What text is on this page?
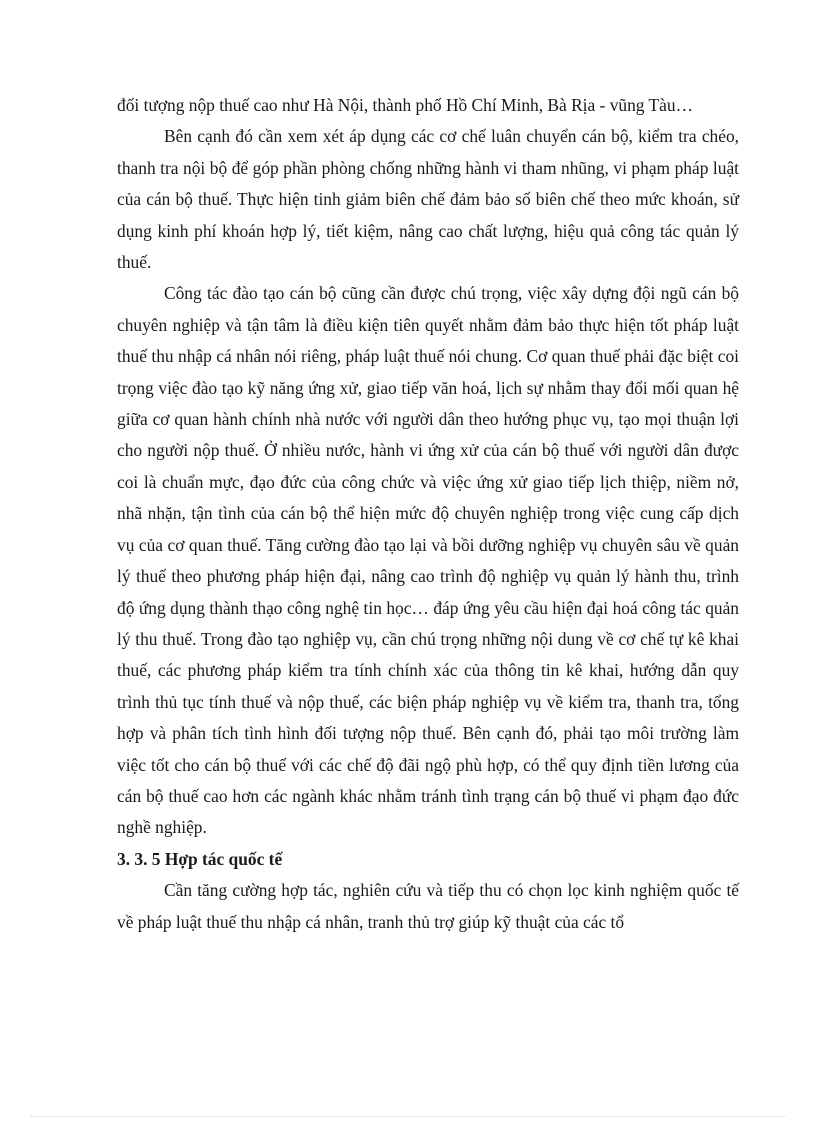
đối tượng nộp thuế cao như Hà Nội, thành phố Hồ Chí Minh, Bà Rịa - vũng Tàu…

Bên cạnh đó cần xem xét áp dụng các cơ chế luân chuyển cán bộ, kiểm tra chéo, thanh tra nội bộ để góp phần phòng chống những hành vi tham nhũng, vi phạm pháp luật của cán bộ thuế. Thực hiện tinh giảm biên chế đảm bảo số biên chế theo mức khoán, sử dụng kinh phí khoán hợp lý, tiết kiệm, nâng cao chất lượng, hiệu quả công tác quản lý thuế.

Công tác đào tạo cán bộ cũng cần được chú trọng, việc xây dựng đội ngũ cán bộ chuyên nghiệp và tận tâm là điều kiện tiên quyết nhằm đảm bảo thực hiện tốt pháp luật thuế thu nhập cá nhân nói riêng, pháp luật thuế nói chung. Cơ quan thuế phải đặc biệt coi trọng việc đào tạo kỹ năng ứng xử, giao tiếp văn hoá, lịch sự nhằm thay đổi mối quan hệ giữa cơ quan hành chính nhà nước với người dân theo hướng phục vụ, tạo mọi thuận lợi cho người nộp thuế. Ở nhiều nước, hành vi ứng xử của cán bộ thuế với người dân được coi là chuẩn mực, đạo đức của công chức và việc ứng xử giao tiếp lịch thiệp, niềm nở, nhã nhặn, tận tình của cán bộ thể hiện mức độ chuyên nghiệp trong việc cung cấp dịch vụ của cơ quan thuế. Tăng cường đào tạo lại và bồi dưỡng nghiệp vụ chuyên sâu về quản lý thuế theo phương pháp hiện đại, nâng cao trình độ nghiệp vụ quản lý hành thu, trình độ ứng dụng thành thạo công nghệ tin học… đáp ứng yêu cầu hiện đại hoá công tác quản lý thu thuế. Trong đào tạo nghiệp vụ, cần chú trọng những nội dung về cơ chế tự kê khai thuế, các phương pháp kiểm tra tính chính xác của thông tin kê khai, hướng dẫn quy trình thủ tục tính thuế và nộp thuế, các biện pháp nghiệp vụ về kiểm tra, thanh tra, tổng hợp và phân tích tình hình đối tượng nộp thuế. Bên cạnh đó, phải tạo môi trường làm việc tốt cho cán bộ thuế với các chế độ đãi ngộ phù hợp, có thể quy định tiền lương của cán bộ thuế cao hơn các ngành khác nhằm tránh tình trạng cán bộ thuế vi phạm đạo đức nghề nghiệp.

3. 3. 5 Hợp tác quốc tế

Cần tăng cường hợp tác, nghiên cứu và tiếp thu có chọn lọc kinh nghiệm quốc tế về pháp luật thuế thu nhập cá nhân, tranh thủ trợ giúp kỹ thuật của các tổ
